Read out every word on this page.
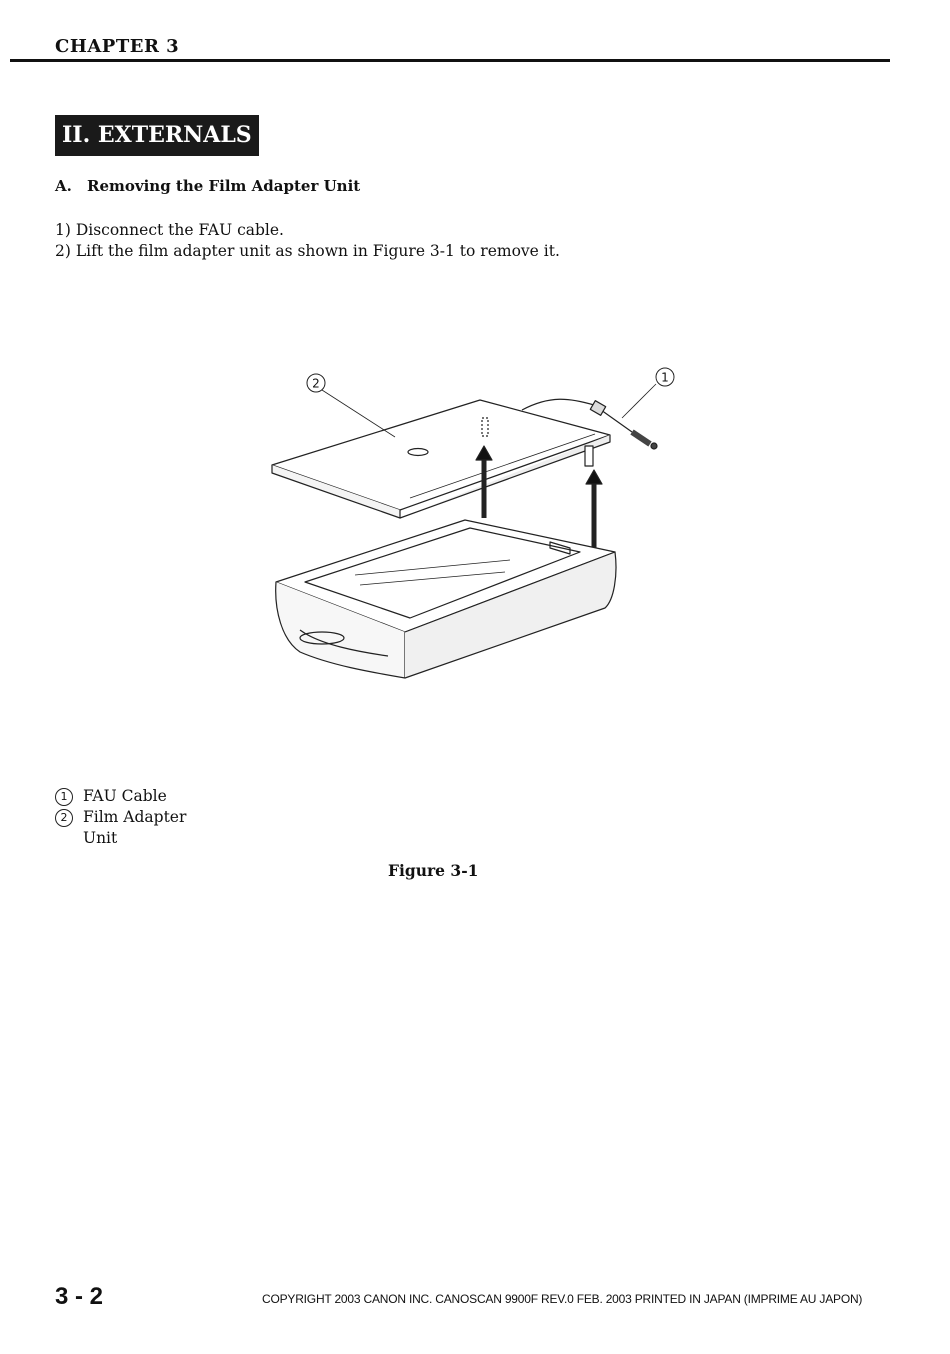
CHAPTER 3
II. EXTERNALS
A. Removing the Film Adapter Unit
1) Disconnect the FAU cable.
2) Lift the film adapter unit as shown in Figure 3-1 to remove it.
2	1
1	FAU Cable
2	Film Adapter Unit
Figure 3-1
3 - 2	COPYRIGHT 2003 CANON INC. CANOSCAN 9900F REV.0 FEB. 2003 PRINTED IN JAPAN (IMPRIME AU JAPON)
